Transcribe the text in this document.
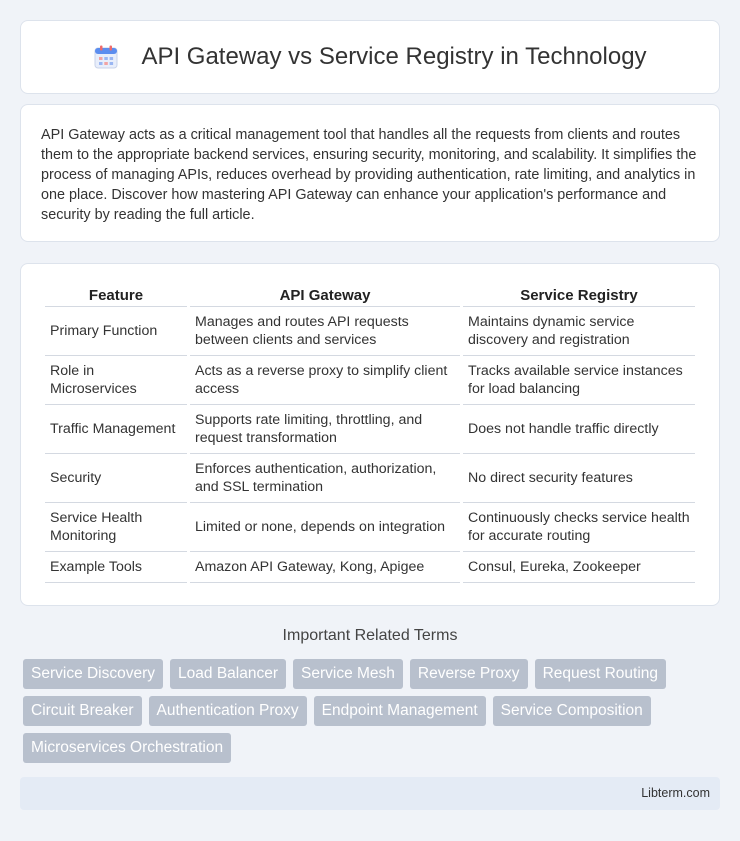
API Gateway vs Service Registry in Technology

API Gateway acts as a critical management tool that handles all the requests from clients and routes them to the appropriate backend services, ensuring security, monitoring, and scalability. It simplifies the process of managing APIs, reduces overhead by providing authentication, rate limiting, and analytics in one place. Discover how mastering API Gateway can enhance your application's performance and security by reading the full article.

Feature	API Gateway	Service Registry
Primary Function	Manages and routes API requests between clients and services	Maintains dynamic service discovery and registration
Role in Microservices	Acts as a reverse proxy to simplify client access	Tracks available service instances for load balancing
Traffic Management	Supports rate limiting, throttling, and request transformation	Does not handle traffic directly
Security	Enforces authentication, authorization, and SSL termination	No direct security features
Service Health Monitoring	Limited or none, depends on integration	Continuously checks service health for accurate routing
Example Tools	Amazon API Gateway, Kong, Apigee	Consul, Eureka, Zookeeper
Important Related Terms
Service Discovery	Load Balancer	Service Mesh	Reverse Proxy	Request Routing
Circuit Breaker	Authentication Proxy	Endpoint Management	Service Composition
Microservices Orchestration
Libterm.com
